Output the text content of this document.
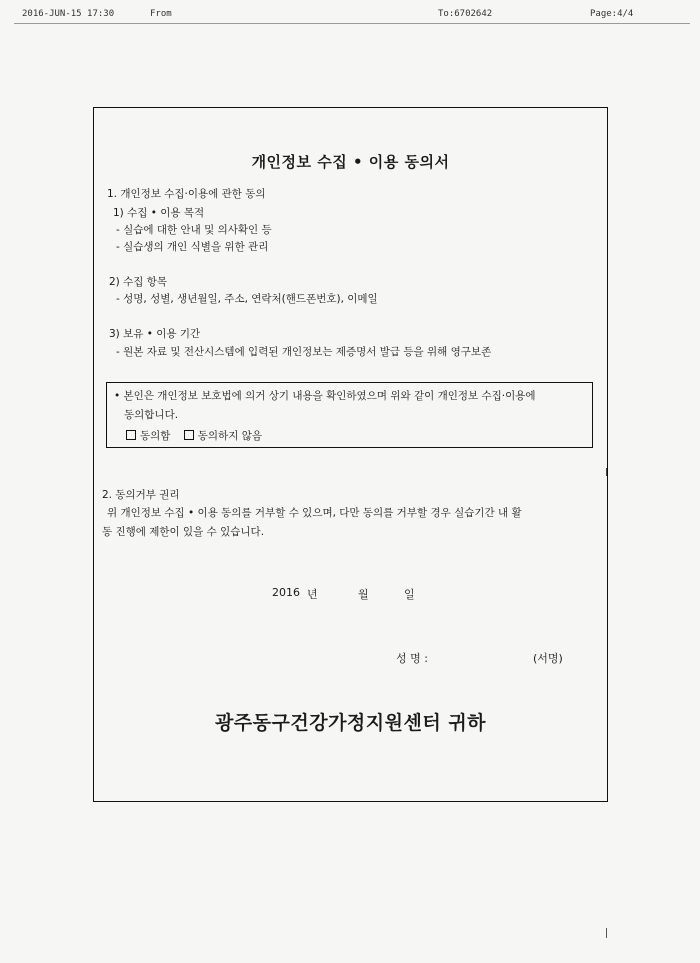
2016-JUN-15 17:30	From	To:6702642	Page:4/4
개인정보 수집 • 이용 동의서
1. 개인정보 수집·이용에 관한 동의
1) 수집 • 이용 목적
- 실습에 대한 안내 및 의사확인 등
- 실습생의 개인 식별을 위한 관리
2) 수집 항목
- 성명, 성별, 생년월일, 주소, 연락처(핸드폰번호), 이메일
3) 보유 • 이용 기간
- 원본 자료 및 전산시스템에 입력된 개인정보는 제증명서 발급 등을 위해 영구보존
• 본인은 개인정보 보호법에 의거 상기 내용을 확인하였으며 위와 같이 개인정보 수집·이용에
동의합니다.
동의함	동의하지 않음
2. 동의거부 권리
위 개인정보 수집 • 이용 동의를 거부할 수 있으며, 다만 동의를 거부할 경우 실습기간 내 활
동 진행에 제한이 있을 수 있습니다.
2016 년	월	일
성 명 :	(서명)
광주동구건강가정지원센터 귀하
